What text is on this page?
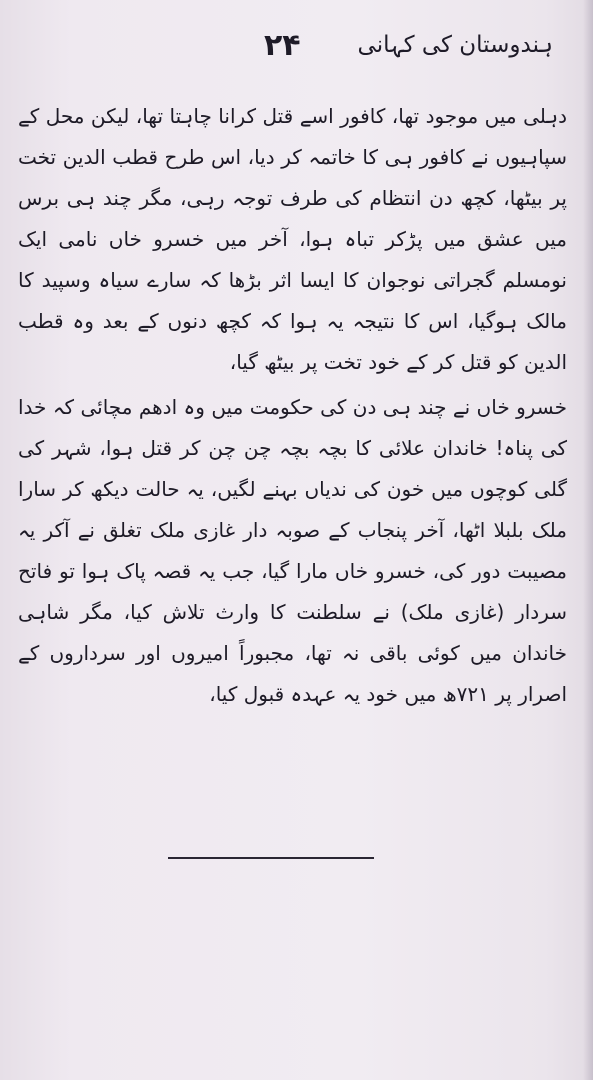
۲۴ ہندوستان کی کہانی

دہلی میں موجود تھا، کافور اسے قتل کرانا چاہتا تھا، لیکن محل کے سپاہیوں نے کافور ہی کا خاتمہ کر دیا، اس طرح قطب الدین تخت پر بیٹھا، کچھ دن انتظام کی طرف توجہ رہی، مگر چند ہی برس میں عشق میں پڑکر تباہ ہوا، آخر میں خسرو خاں نامی ایک نومسلم گجراتی نوجوان کا ایسا اثر بڑھا کہ سارے سیاہ وسپید کا مالک ہوگیا، اس کا نتیجہ یہ ہوا کہ کچھ دنوں کے بعد وہ قطب الدین کو قتل کر کے خود تخت پر بیٹھ گیا،

خسرو خاں نے چند ہی دن کی حکومت میں وہ ادھم مچائی کہ خدا کی پناہ! خاندان علائی کا بچہ بچہ چن چن کر قتل ہوا، شہر کی گلی کوچوں میں خون کی ندیاں بہنے لگیں، یہ حالت دیکھ کر سارا ملک بلبلا اٹھا، آخر پنجاب کے صوبہ دار غازی ملک تغلق نے آکر یہ مصیبت دور کی، خسرو خاں مارا گیا، جب یہ قصہ پاک ہوا تو فاتح سردار (غازی ملک) نے سلطنت کا وارث تلاش کیا، مگر شاہی خاندان میں کوئی باقی نہ تھا، مجبوراً امیروں اور سرداروں کے اصرار پر ۷۲۱ھ میں خود یہ عہدہ قبول کیا،
